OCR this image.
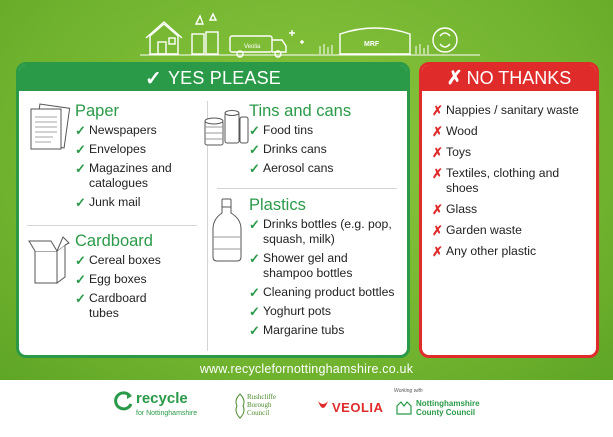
Veolia	MRF
✓ YES PLEASE
Paper
✓ Newspapers
✓ Envelopes
✓ Magazines and catalogues
✓ Junk mail
Cardboard
✓ Cereal boxes
✓ Egg boxes
✓ Cardboard tubes
Tins and cans
✓ Food tins
✓ Drinks cans
✓ Aerosol cans
Plastics
✓ Drinks bottles (e.g. pop, squash, milk)
✓ Shower gel and shampoo bottles
✓ Cleaning product bottles
✓ Yoghurt pots
✓ Margarine tubs
✗ NO THANKS
✗ Nappies / sanitary waste
✗ Wood
✗ Toys
✗ Textiles, clothing and shoes
✗ Glass
✗ Garden waste
✗ Any other plastic
www.recyclefornottinghamshire.co.uk
recycle
for Nottinghamshire
Rushcliffe
Borough
Council	VEOLIA
Working with
Nottinghamshire
County Council
